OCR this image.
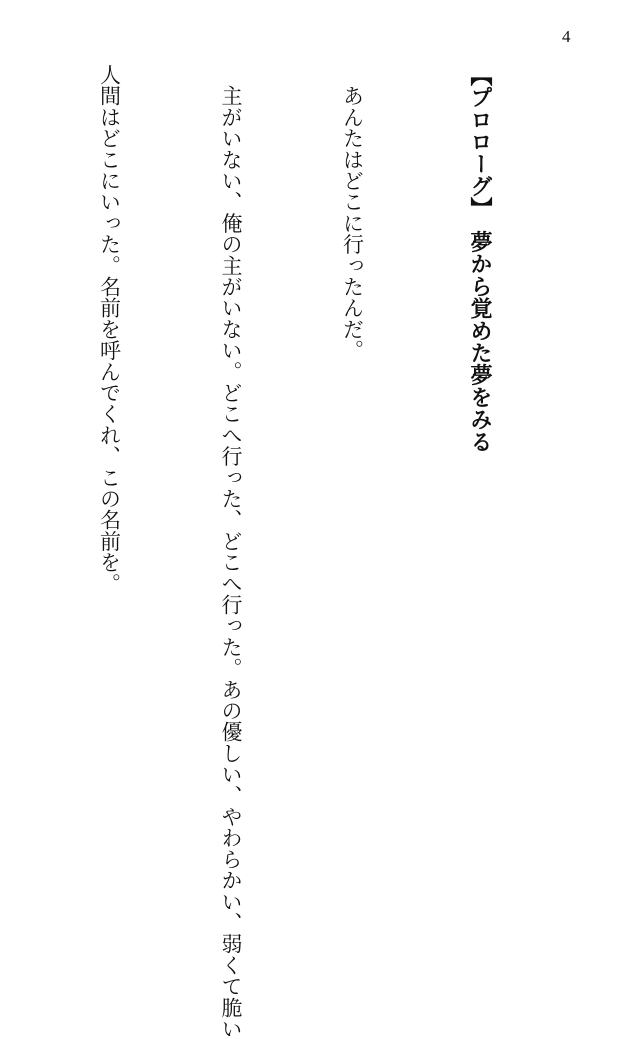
4

【プロローグ】　夢から覚めた夢をみる

　あんたはどこに行ったんだ。

　主がいない、俺の主がいない。どこへ行った、どこへ行った。あの優しい、やわらかい、弱くて脆い

人間はどこにいった。名前を呼んでくれ、この名前を。
